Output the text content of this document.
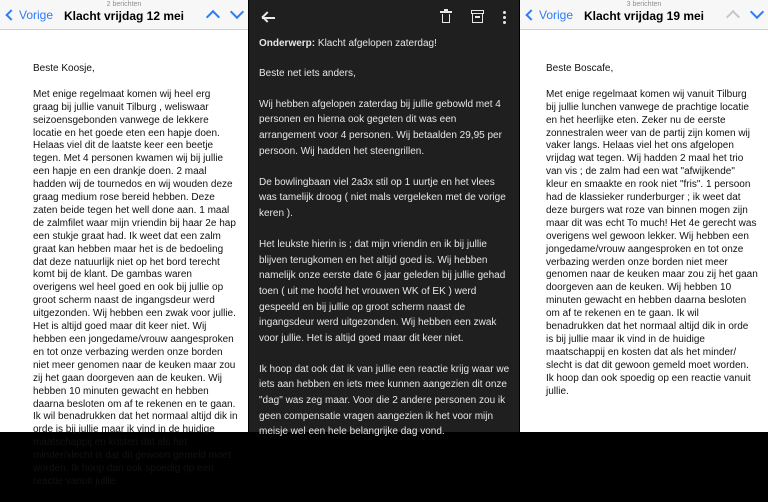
2 berichten
Vorige Klacht vrijdag 12 mei

Beste Koosje,

Met enige regelmaat komen wij heel erg graag bij jullie vanuit Tilburg , weliswaar seizoensgebonden vanwege de lekkere locatie en het goede eten een hapje doen. Helaas viel dit de laatste keer een beetje tegen. Met 4 personen kwamen wij bij jullie een hapje en een drankje doen. 2 maal hadden wij de tournedos en wij wouden deze graag medium rose bereid hebben. Deze zaten beide tegen het well done aan. 1 maal de zalmfilet waar mijn vriendin bij haar 2e hap een stukje graat had. Ik weet dat een zalm graat kan hebben maar het is de bedoeling dat deze natuurlijk niet op het bord terecht komt bij de klant. De gambas waren overigens wel heel goed en ook bij jullie op groot scherm naast de ingangsdeur werd uitgezonden. Wij hebben een zwak voor jullie. Het is altijd goed maar dit keer niet. Wij hebben een jongedame/vrouw aangesproken en tot onze verbazing werden onze borden niet meer genomen naar de keuken maar zou zij het gaan doorgeven aan de keuken. Wij hebben 10 minuten gewacht en hebben daarna besloten om af te rekenen en te gaan. Ik wil benadrukken dat het normaal altijd dik in orde is bij jullie maar ik vind in de huidige maatschappij en kosten dat als het minder/slecht is dat dit gewoon gemeld moet worden. Ik hoop dan ook spoedig op een reactie vanuit jullie.

Onderwerp: Klacht afgelopen zaterdag!

Beste net iets anders,

Wij hebben afgelopen zaterdag bij jullie gebowld met 4 personen en hierna ook gegeten dit was een arrangement voor 4 personen. Wij betaalden 29,95 per persoon. Wij hadden het steengrillen.

De bowlingbaan viel 2a3x stil op 1 uurtje en het vlees was tamelijk droog ( niet mals vergeleken met de vorige keren ).

Het leukste hierin is ; dat mijn vriendin en ik bij jullie blijven terugkomen en het altijd goed is. Wij hebben namelijk onze eerste date 6 jaar geleden bij jullie gehad toen ( uit me hoofd het vrouwen WK of EK ) werd gespeeld en bij jullie op groot scherm naast de ingangsdeur werd uitgezonden. Wij hebben een zwak voor jullie. Het is altijd goed maar dit keer niet.

Ik hoop dat ook dat ik van jullie een reactie krijg waar we iets aan hebben en iets mee kunnen aangezien dit onze "dag" was zeg maar. Voor die 2 andere personen zou ik geen compensatie vragen aangezien ik het voor mijn meisje wel een hele belangrijke dag vond.

3 berichten
Vorige Klacht vrijdag 19 mei

Beste Boscafe,

Met enige regelmaat komen wij vanuit Tilburg bij jullie lunchen vanwege de prachtige locatie en het heerlijke eten. Zeker nu de eerste zonnestralen weer van de partij zijn komen wij vaker langs. Helaas viel het ons afgelopen vrijdag wat tegen. Wij hadden 2 maal het trio van vis ; de zalm had een wat "afwijkende" kleur en smaakte en rook niet "fris". 1 persoon had de klassieker runderburger ; ik weet dat deze burgers wat roze van binnen mogen zijn maar dit was echt To much! Het 4e gerecht was overigens wel gewoon lekker. Wij hebben een jongedame/vrouw aangesproken en tot onze verbazing werden onze borden niet meer genomen naar de keuken maar zou zij het gaan doorgeven aan de keuken. Wij hebben 10 minuten gewacht en hebben daarna besloten om af te rekenen en te gaan. Ik wil benadrukken dat het normaal altijd dik in orde is bij jullie maar ik vind in de huidige maatschappij en kosten dat als het minder/ slecht is dat dit gewoon gemeld moet worden. Ik hoop dan ook spoedig op een reactie vanuit jullie.
